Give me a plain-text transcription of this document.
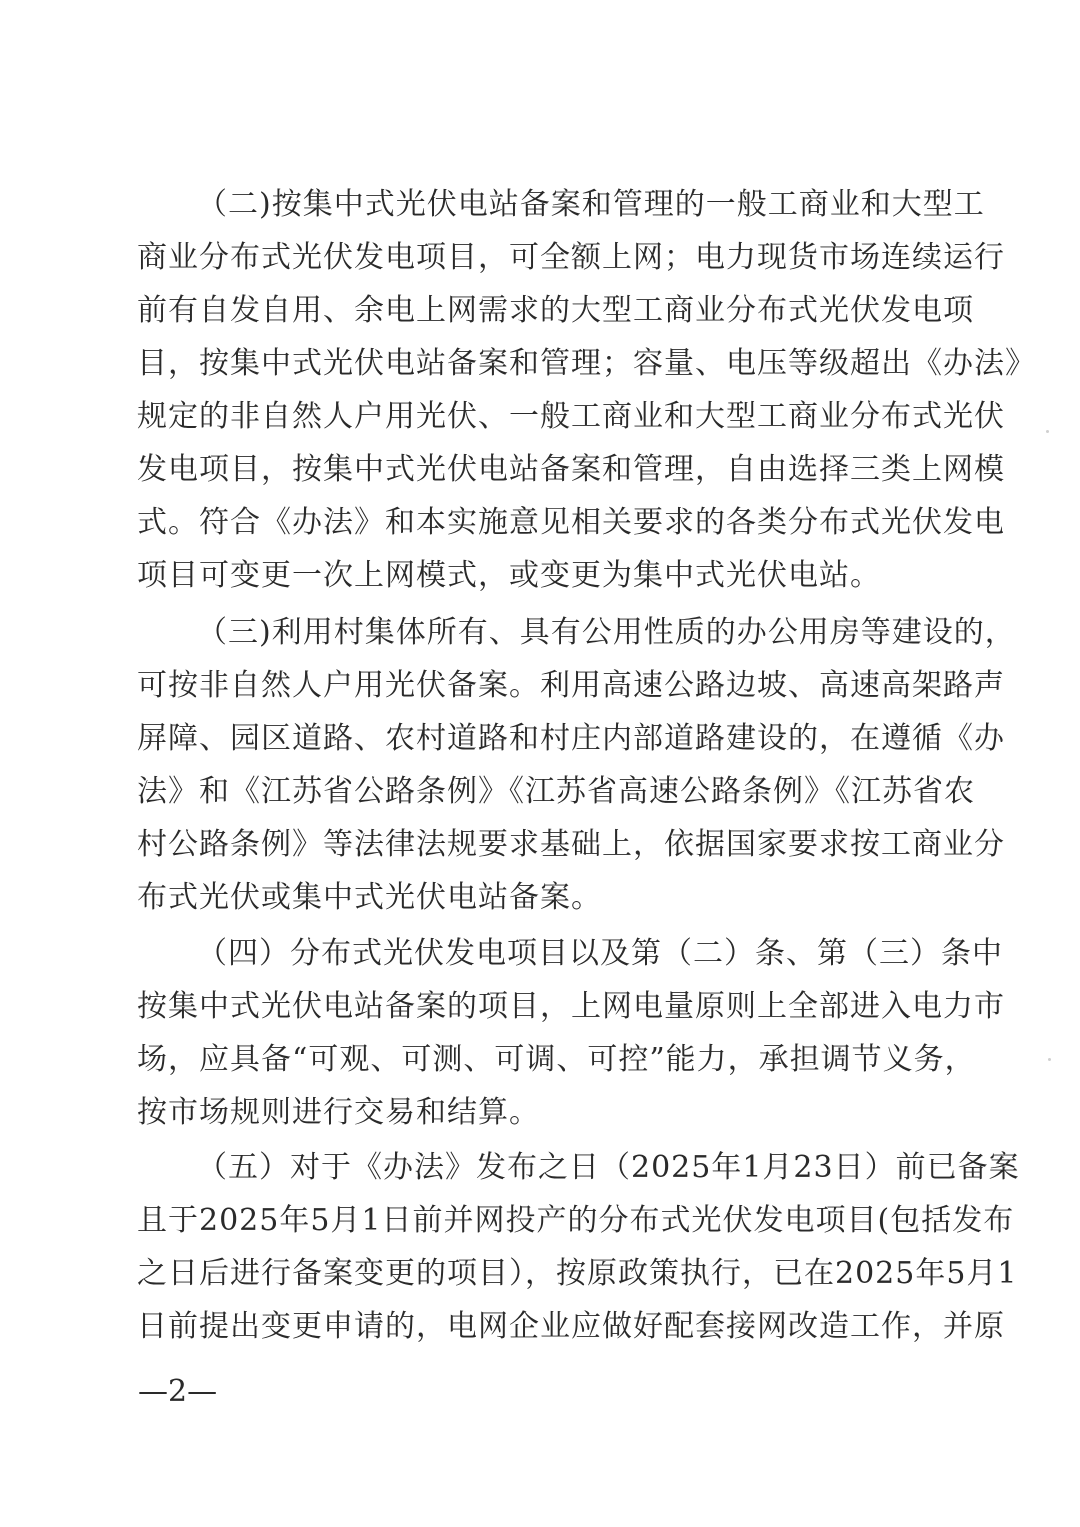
（二)按集中式光伏电站备案和管理的一般工商业和大型工
商业分布式光伏发电项目，可全额上网；电力现货市场连续运行
前有自发自用、余电上网需求的大型工商业分布式光伏发电项
目，按集中式光伏电站备案和管理；容量、电压等级超出《办法》
规定的非自然人户用光伏、一般工商业和大型工商业分布式光伏
发电项目，按集中式光伏电站备案和管理，自由选择三类上网模
式。符合《办法》和本实施意见相关要求的各类分布式光伏发电
项目可变更一次上网模式，或变更为集中式光伏电站。
（三)利用村集体所有、具有公用性质的办公用房等建设的，
可按非自然人户用光伏备案。利用高速公路边坡、高速高架路声
屏障、园区道路、农村道路和村庄内部道路建设的，在遵循《办
法》和《江苏省公路条例》《江苏省高速公路条例》《江苏省农
村公路条例》等法律法规要求基础上，依据国家要求按工商业分
布式光伏或集中式光伏电站备案。
（四）分布式光伏发电项目以及第（二）条、第（三）条中
按集中式光伏电站备案的项目，上网电量原则上全部进入电力市
场，应具备“可观、可测、可调、可控”能力，承担调节义务，
按市场规则进行交易和结算。
（五）对于《办法》发布之日（2025年1月23日）前已备案
且于2025年5月1日前并网投产的分布式光伏发电项目(包括发布
之日后进行备案变更的项目），按原政策执行，已在2025年5月1
日前提出变更申请的，电网企业应做好配套接网改造工作，并原
—2—
